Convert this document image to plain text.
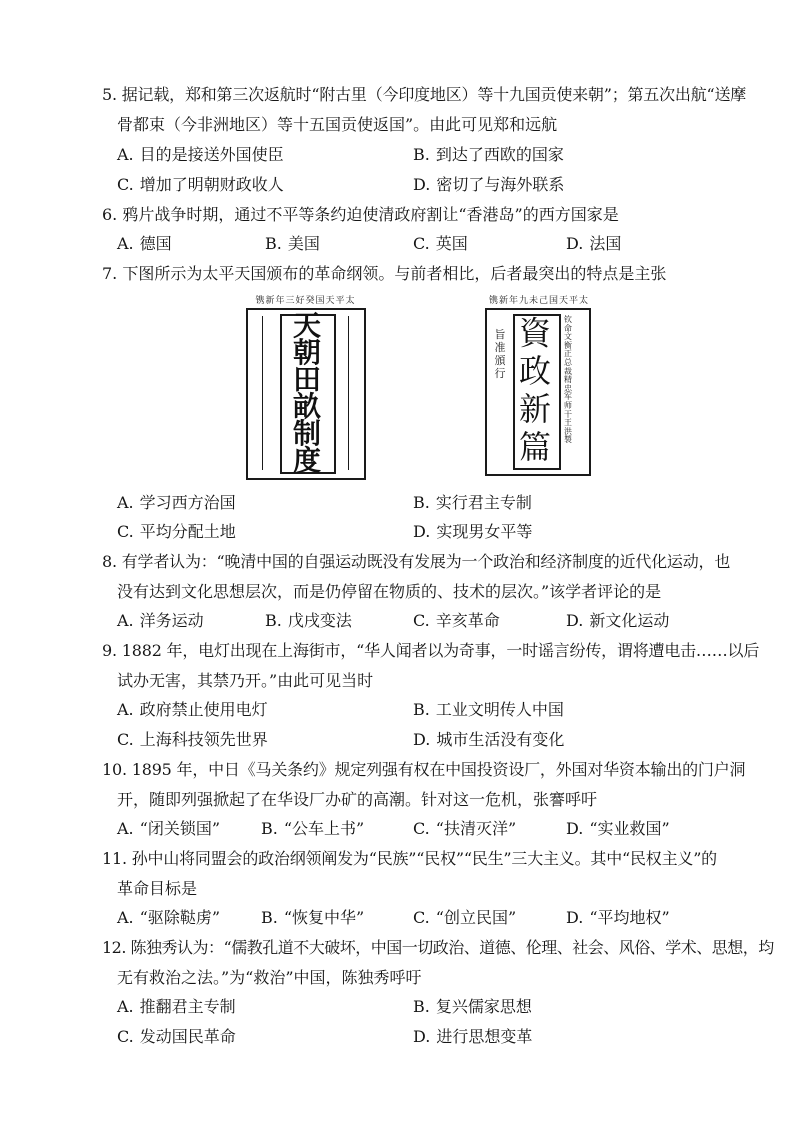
5. 据记载，郑和第三次返航时“附古里（今印度地区）等十九国贡使来朝”；第五次出航“送摩
骨都束（今非洲地区）等十五国贡使返国”。由此可见郑和远航
A. 目的是接送外国使臣	B. 到达了西欧的国家
C. 增加了明朝财政收人	D. 密切了与海外联系
6. 鸦片战争时期，通过不平等条约迫使清政府割让“香港岛”的西方国家是
A. 德国	B. 美国	C. 英国	D. 法国
7. 下图所示为太平天国颁布的革命纲领。与前者相比，后者最突出的特点是主张
镌新年三好癸国天平太
天朝田畝制度
镌新年九未己国天平太
旨准頒行
钦命文衡正总裁精忠军师干王洪 製
資政新篇
A. 学习西方治国	B. 实行君主专制
C. 平均分配土地	D. 实现男女平等
8. 有学者认为：“晚清中国的自强运动既没有发展为一个政治和经济制度的近代化运动，也
没有达到文化思想层次，而是仍停留在物质的、技术的层次。”该学者评论的是
A. 洋务运动	B. 戊戌变法	C. 辛亥革命	D. 新文化运动
9. 1882 年，电灯出现在上海街市，“华人闻者以为奇事，一时谣言纷传，谓将遭电击……以后
试办无害，其禁乃开。”由此可见当时
A. 政府禁止使用电灯	B. 工业文明传人中国
C. 上海科技领先世界	D. 城市生活没有变化
10. 1895 年，中日《马关条约》规定列强有权在中国投资设厂，外国对华资本输出的门户洞
开，随即列强掀起了在华设厂办矿的高潮。针对这一危机，张謇呼吁
A. “闭关锁国”	B. “公车上书”	C. “扶清灭洋”	D. “实业救国”
11. 孙中山将同盟会的政治纲领阐发为“民族”“民权”“民生”三大主义。其中“民权主义”的
革命目标是
A. “驱除鞑虏”	B. “恢复中华”	C. “创立民国”	D. “平均地权”
12. 陈独秀认为：“儒教孔道不大破坏，中国一切政治、道德、伦理、社会、风俗、学术、思想，均
无有救治之法。”为“救治”中国，陈独秀呼吁
A. 推翻君主专制	B. 复兴儒家思想
C. 发动国民革命	D. 进行思想变革
